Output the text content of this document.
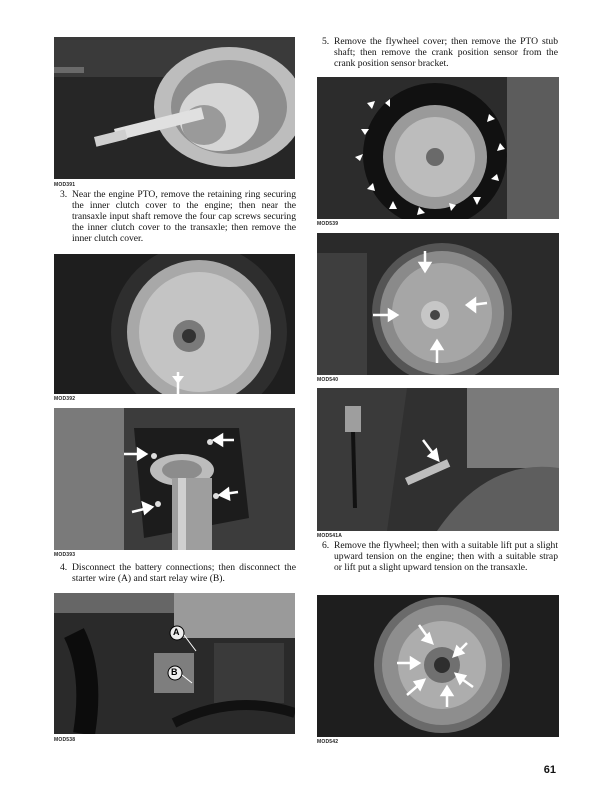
MOD391
3. Near the engine PTO, remove the retaining ring securing the inner clutch cover to the engine; then near the transaxle input shaft remove the four cap screws securing the inner clutch cover to the transaxle; then remove the inner clutch cover.
MOD392
MOD393
4. Disconnect the battery connections; then disconnect the starter wire (A) and start relay wire (B).
A
B
MOD538
5. Remove the flywheel cover; then remove the PTO stub shaft; then remove the crank position sensor from the crank position sensor bracket.
MOD539
MOD540
MOD541A
6. Remove the flywheel; then with a suitable lift put a slight upward tension on the engine; then with a suitable strap or lift put a slight upward tension on the transaxle.
MOD542
61
